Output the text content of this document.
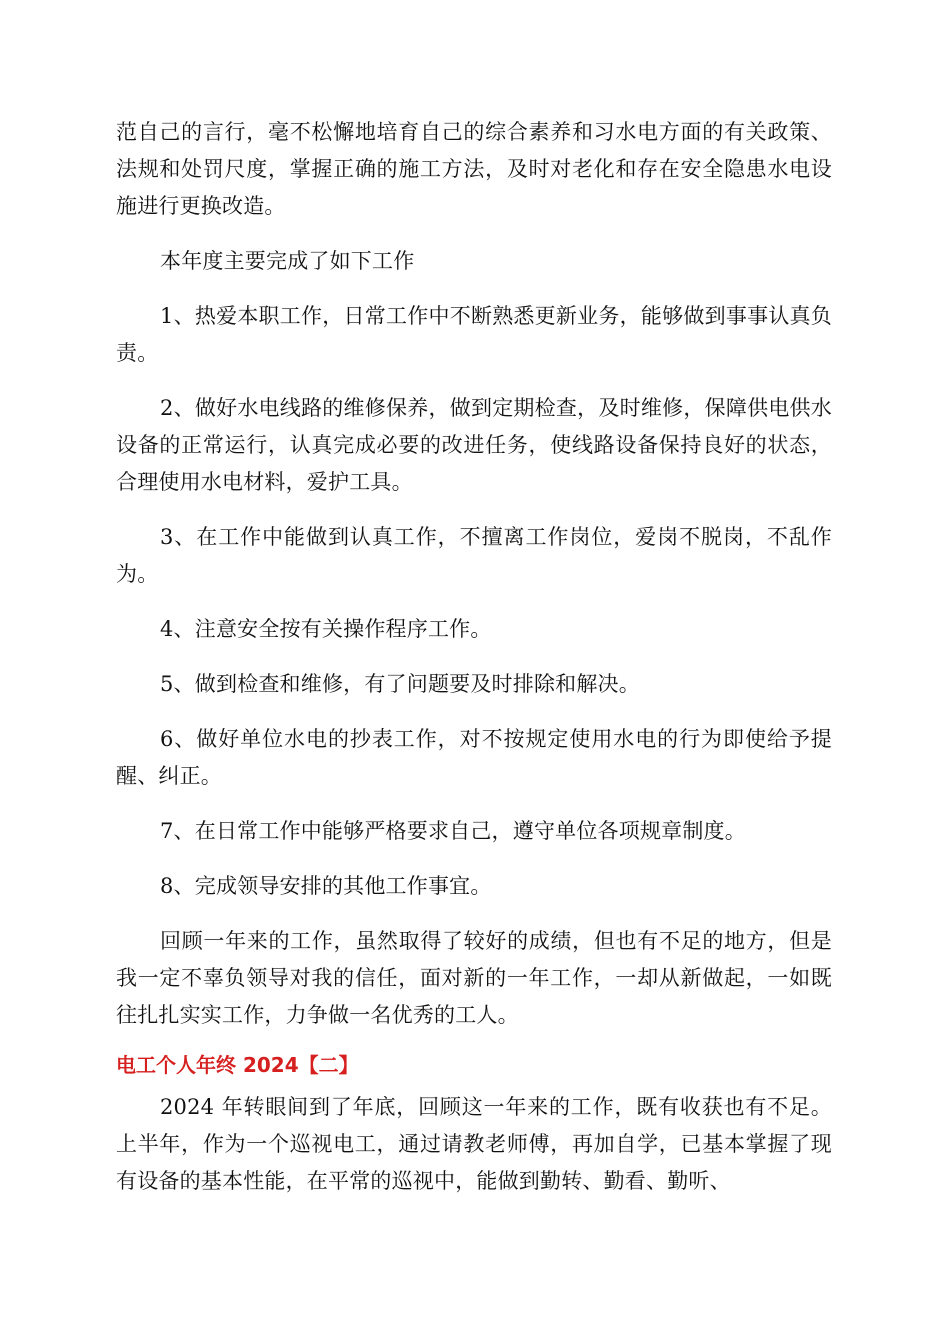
范自己的言行，毫不松懈地培育自己的综合素养和习水电方面的有关政策、法规和处罚尺度，掌握正确的施工方法，及时对老化和存在安全隐患水电设施进行更换改造。

本年度主要完成了如下工作

1、热爱本职工作，日常工作中不断熟悉更新业务，能够做到事事认真负责。

2、做好水电线路的维修保养，做到定期检查，及时维修，保障供电供水设备的正常运行，认真完成必要的改进任务，使线路设备保持良好的状态，合理使用水电材料，爱护工具。

3、在工作中能做到认真工作，不擅离工作岗位，爱岗不脱岗，不乱作为。

4、注意安全按有关操作程序工作。

5、做到检查和维修，有了问题要及时排除和解决。

6、做好单位水电的抄表工作，对不按规定使用水电的行为即使给予提醒、纠正。

7、在日常工作中能够严格要求自己，遵守单位各项规章制度。

8、完成领导安排的其他工作事宜。

回顾一年来的工作，虽然取得了较好的成绩，但也有不足的地方，但是我一定不辜负领导对我的信任，面对新的一年工作，一却从新做起，一如既往扎扎实实工作，力争做一名优秀的工人。

电工个人年终 2024【二】

2024 年转眼间到了年底，回顾这一年来的工作，既有收获也有不足。上半年，作为一个巡视电工，通过请教老师傅，再加自学，已基本掌握了现有设备的基本性能，在平常的巡视中，能做到勤转、勤看、勤听、
